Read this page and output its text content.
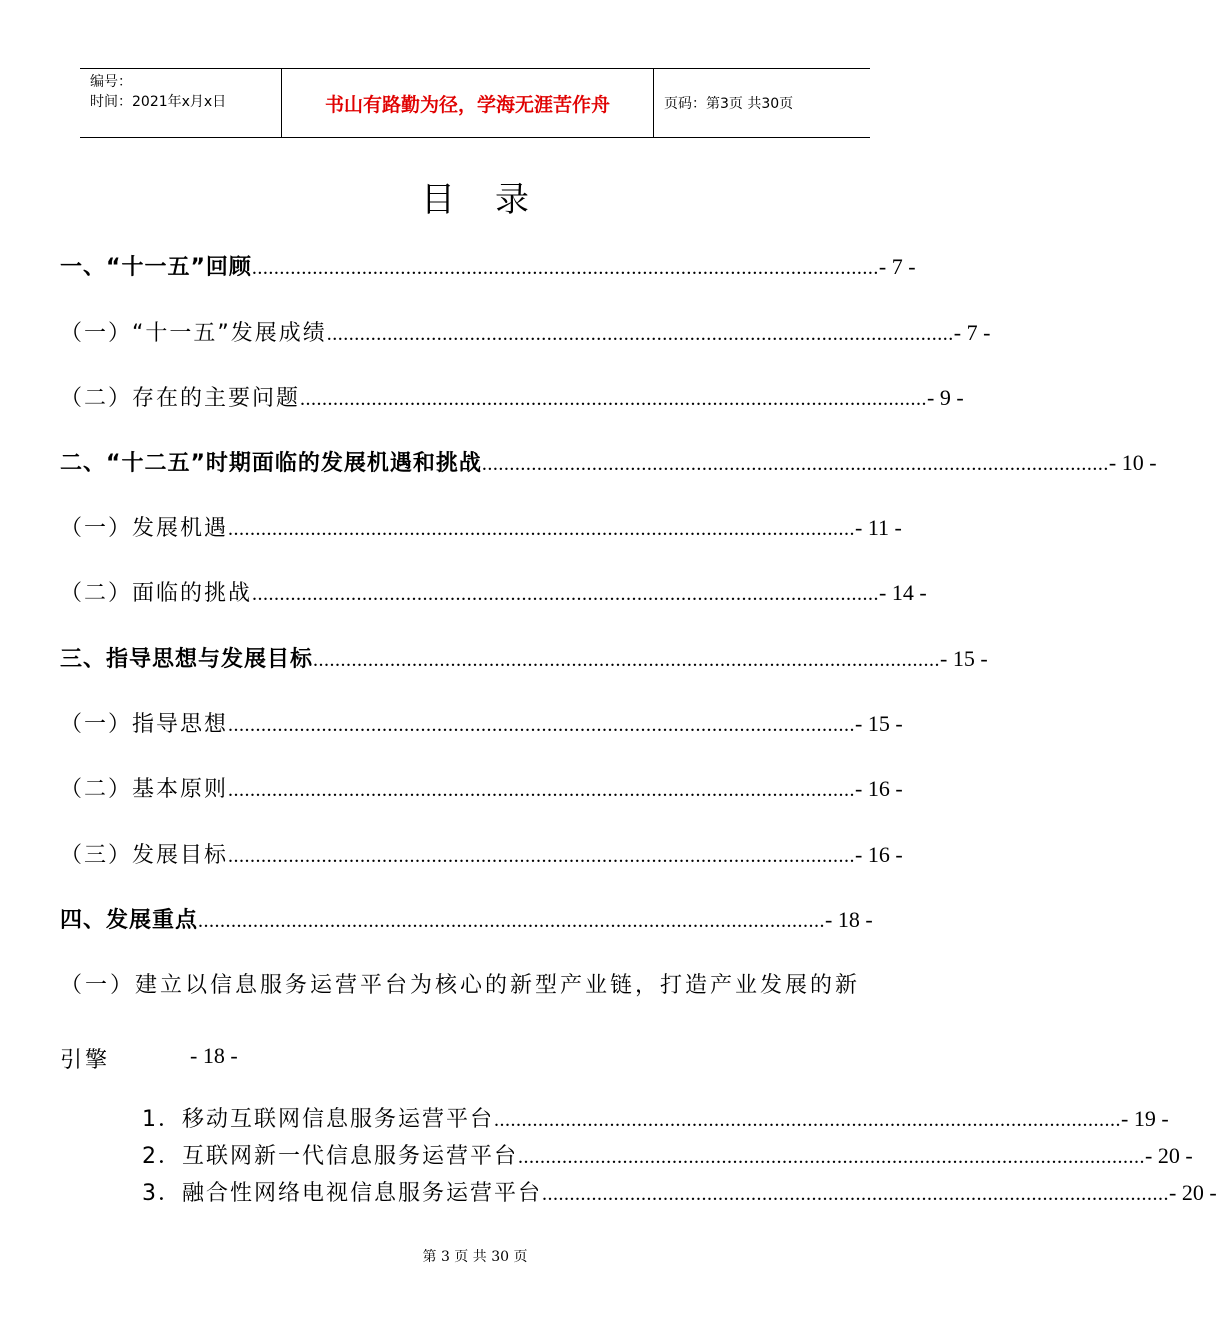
编号：
时间：2021年x月x日	书山有路勤为径，学海无涯苦作舟	页码：第3页 共30页
目录
一、“十一五”回顾 .................................................................................................................. - 7 -
（一）“十一五”发展成绩 .................................................................................................................. - 7 -
（二）存在的主要问题 .................................................................................................................. - 9 -
二、“十二五”时期面临的发展机遇和挑战 .................................................................................................................. - 10 -
（一）发展机遇 .................................................................................................................. - 11 -
（二）面临的挑战 .................................................................................................................. - 14 -
三、指导思想与发展目标 .................................................................................................................. - 15 -
（一）指导思想 .................................................................................................................. - 15 -
（二）基本原则 .................................................................................................................. - 16 -
（三）发展目标 .................................................................................................................. - 16 -
四、发展重点 .................................................................................................................. - 18 -
（一）建立以信息服务运营平台为核心的新型产业链，打造产业发展的新
引擎	- 18 -
1．移动互联网信息服务运营平台 .................................................................................................................. - 19 -
2．互联网新一代信息服务运营平台 .................................................................................................................. - 20 -
3．融合性网络电视信息服务运营平台 .................................................................................................................. - 20 -
第 3 页 共 30 页
